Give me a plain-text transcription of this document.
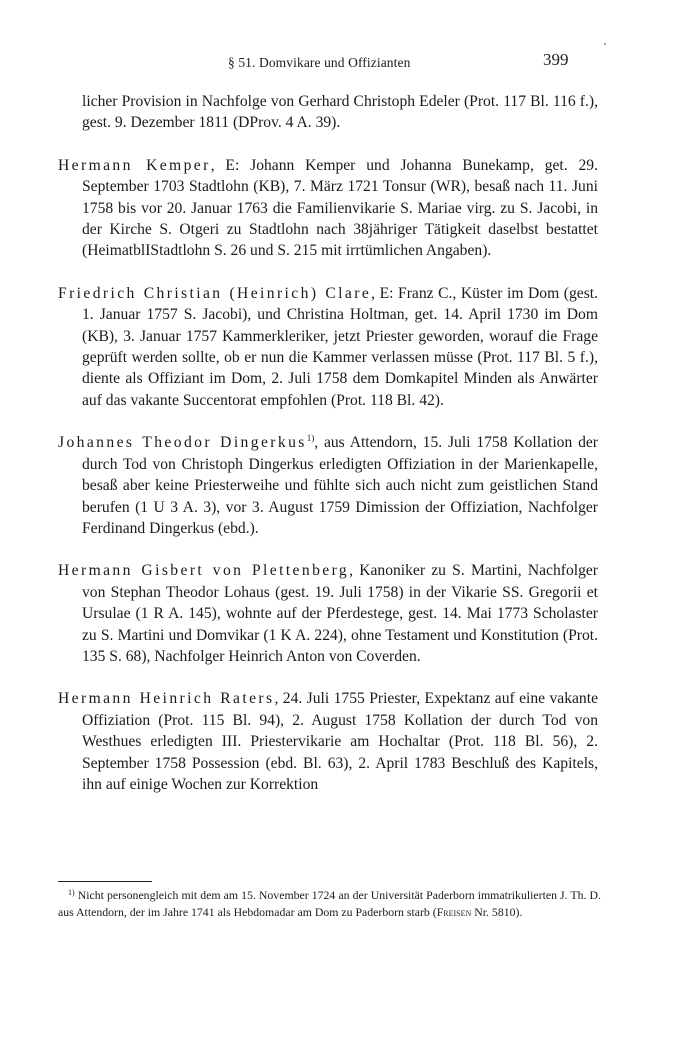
§ 51. Domvikare und Offizianten	399

licher Provision in Nachfolge von Gerhard Christoph Edeler (Prot. 117 Bl. 116 f.), gest. 9. Dezember 1811 (DProv. 4 A. 39).

Hermann Kemper, E: Johann Kemper und Johanna Bunekamp, get. 29. September 1703 Stadtlohn (KB), 7. März 1721 Tonsur (WR), besaß nach 11. Juni 1758 bis vor 20. Januar 1763 die Familienvikarie S. Mariae virg. zu S. Jacobi, in der Kirche S. Otgeri zu Stadtlohn nach 38jähriger Tätigkeit daselbst bestattet (HeimatblIStadtlohn S. 26 und S. 215 mit irrtümlichen Angaben).

Friedrich Christian (Heinrich) Clare, E: Franz C., Küster im Dom (gest. 1. Januar 1757 S. Jacobi), und Christina Holtman, get. 14. April 1730 im Dom (KB), 3. Januar 1757 Kammerkleriker, jetzt Priester geworden, worauf die Frage geprüft werden sollte, ob er nun die Kammer verlassen müsse (Prot. 117 Bl. 5 f.), diente als Offiziant im Dom, 2. Juli 1758 dem Domkapitel Minden als Anwärter auf das vakante Succentorat empfohlen (Prot. 118 Bl. 42).

Johannes Theodor Dingerkus$^{1)}$, aus Attendorn, 15. Juli 1758 Kollation der durch Tod von Christoph Dingerkus erledigten Offiziation in der Marienkapelle, besaß aber keine Priesterweihe und fühlte sich auch nicht zum geistlichen Stand berufen (1 U 3 A. 3), vor 3. August 1759 Dimission der Offiziation, Nachfolger Ferdinand Dingerkus (ebd.).

Hermann Gisbert von Plettenberg, Kanoniker zu S. Martini, Nachfolger von Stephan Theodor Lohaus (gest. 19. Juli 1758) in der Vikarie SS. Gregorii et Ursulae (1 R A. 145), wohnte auf der Pferdestege, gest. 14. Mai 1773 Scholaster zu S. Martini und Domvikar (1 K A. 224), ohne Testament und Konstitution (Prot. 135 S. 68), Nachfolger Heinrich Anton von Coverden.

Hermann Heinrich Raters, 24. Juli 1755 Priester, Expektanz auf eine vakante Offiziation (Prot. 115 Bl. 94), 2. August 1758 Kollation der durch Tod von Westhues erledigten III. Priestervikarie am Hochaltar (Prot. 118 Bl. 56), 2. September 1758 Possession (ebd. Bl. 63), 2. April 1783 Beschluß des Kapitels, ihn auf einige Wochen zur Korrektion

$^{1)}$ Nicht personengleich mit dem am 15. November 1724 an der Universität Paderborn immatrikulierten J. Th. D. aus Attendorn, der im Jahre 1741 als Hebdomadar am Dom zu Paderborn starb (Freisen Nr. 5810).
